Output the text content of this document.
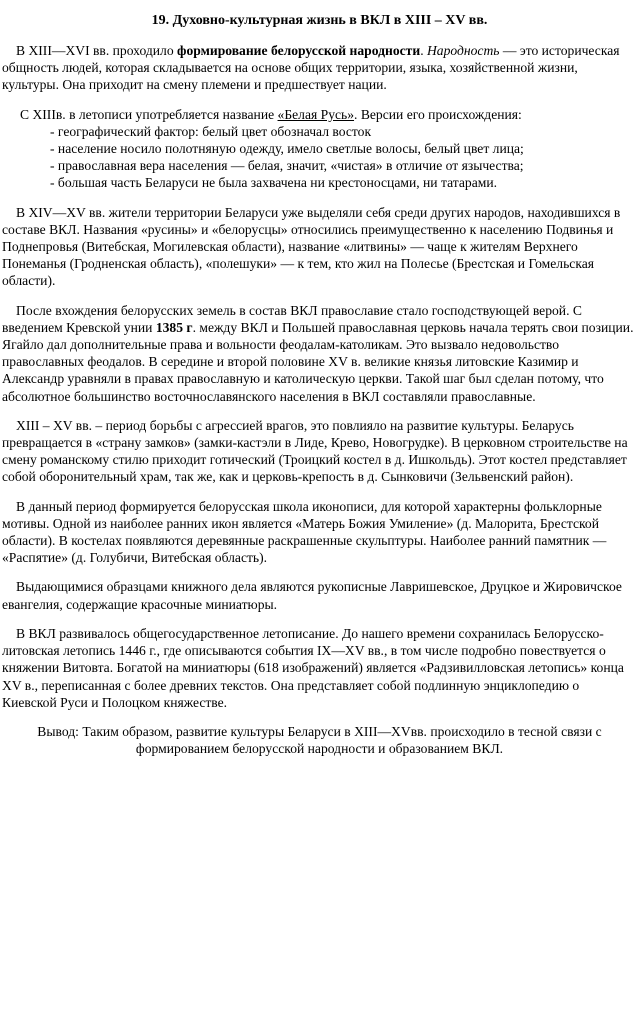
19. Духовно-культурная жизнь в ВКЛ в XIII – XV вв.

В XIII—XVI вв. проходило формирование белорусской народности. Народность — это историческая общность людей, которая складывается на основе общих территории, языка, хозяйственной жизни, культуры. Она приходит на смену племени и предшествует нации.

С XIIIв. в летописи употребляется название «Белая Русь». Версии его происхождения:
- географический фактор: белый цвет обозначал восток
- население носило полотняную одежду, имело светлые волосы, белый цвет лица;
- православная вера населения — белая, значит, «чистая» в отличие от язычества;
- большая часть Беларуси не была захвачена ни крестоносцами, ни татарами.

В XIV—XV вв. жители территории Беларуси уже выделяли себя среди других народов, находившихся в составе ВКЛ. Названия «русины» и «белорусцы» относились преимущественно к населению Подвинья и Поднепровья (Витебская, Могилевская области), название «литвины» — чаще к жителям Верхнего Понеманья (Гродненская область), «полешуки» — к тем, кто жил на Полесье (Брестская и Гомельская области).

После вхождения белорусских земель в состав ВКЛ православие стало господствующей верой. С введением Кревской унии 1385 г. между ВКЛ и Польшей православная церковь начала терять свои позиции. Ягайло дал дополнительные права и вольности феодалам-католикам. Это вызвало недовольство православных феодалов. В середине и второй половине XV в. великие князья литовские Казимир и Александр уравняли в правах православную и католическую церкви. Такой шаг был сделан потому, что абсолютное большинство восточнославянского населения в ВКЛ составляли православные.

XIII – XV вв. – период борьбы с агрессией врагов, это повлияло на развитие культуры. Беларусь превращается в «страну замков» (замки-кастэли в Лиде, Крево, Новогрудке). В церковном строительстве на смену романскому стилю приходит готический (Троицкий костел в д. Ишкольдь). Этот костел представляет собой оборонительный храм, так же, как и церковь-крепость в д. Сынковичи (Зельвенский район).

В данный период формируется белорусская школа иконописи, для которой характерны фольклорные мотивы. Одной из наиболее ранних икон является «Матерь Божия Умиление» (д. Малорита, Брестской области). В костелах появляются деревянные раскрашенные скульптуры. Наиболее ранний памятник — «Распятие» (д. Голубичи, Витебская область).

Выдающимися образцами книжного дела являются рукописные Лавришевское, Друцкое и Жировичское евангелия, содержащие красочные миниатюры.

В ВКЛ развивалось общегосударственное летописание. До нашего времени сохранилась Белорусско-литовская летопись 1446 г., где описываются события IX—XV вв., в том числе подробно повествуется о княжении Витовта. Богатой на миниатюры (618 изображений) является «Радзивилловская летопись» конца XV в., переписанная с более древних текстов. Она представляет собой подлинную энциклопедию о Киевской Руси и Полоцком княжестве.

Вывод: Таким образом, развитие культуры Беларуси в XIII—XVвв. происходило в тесной связи с формированием белорусской народности и образованием ВКЛ.
